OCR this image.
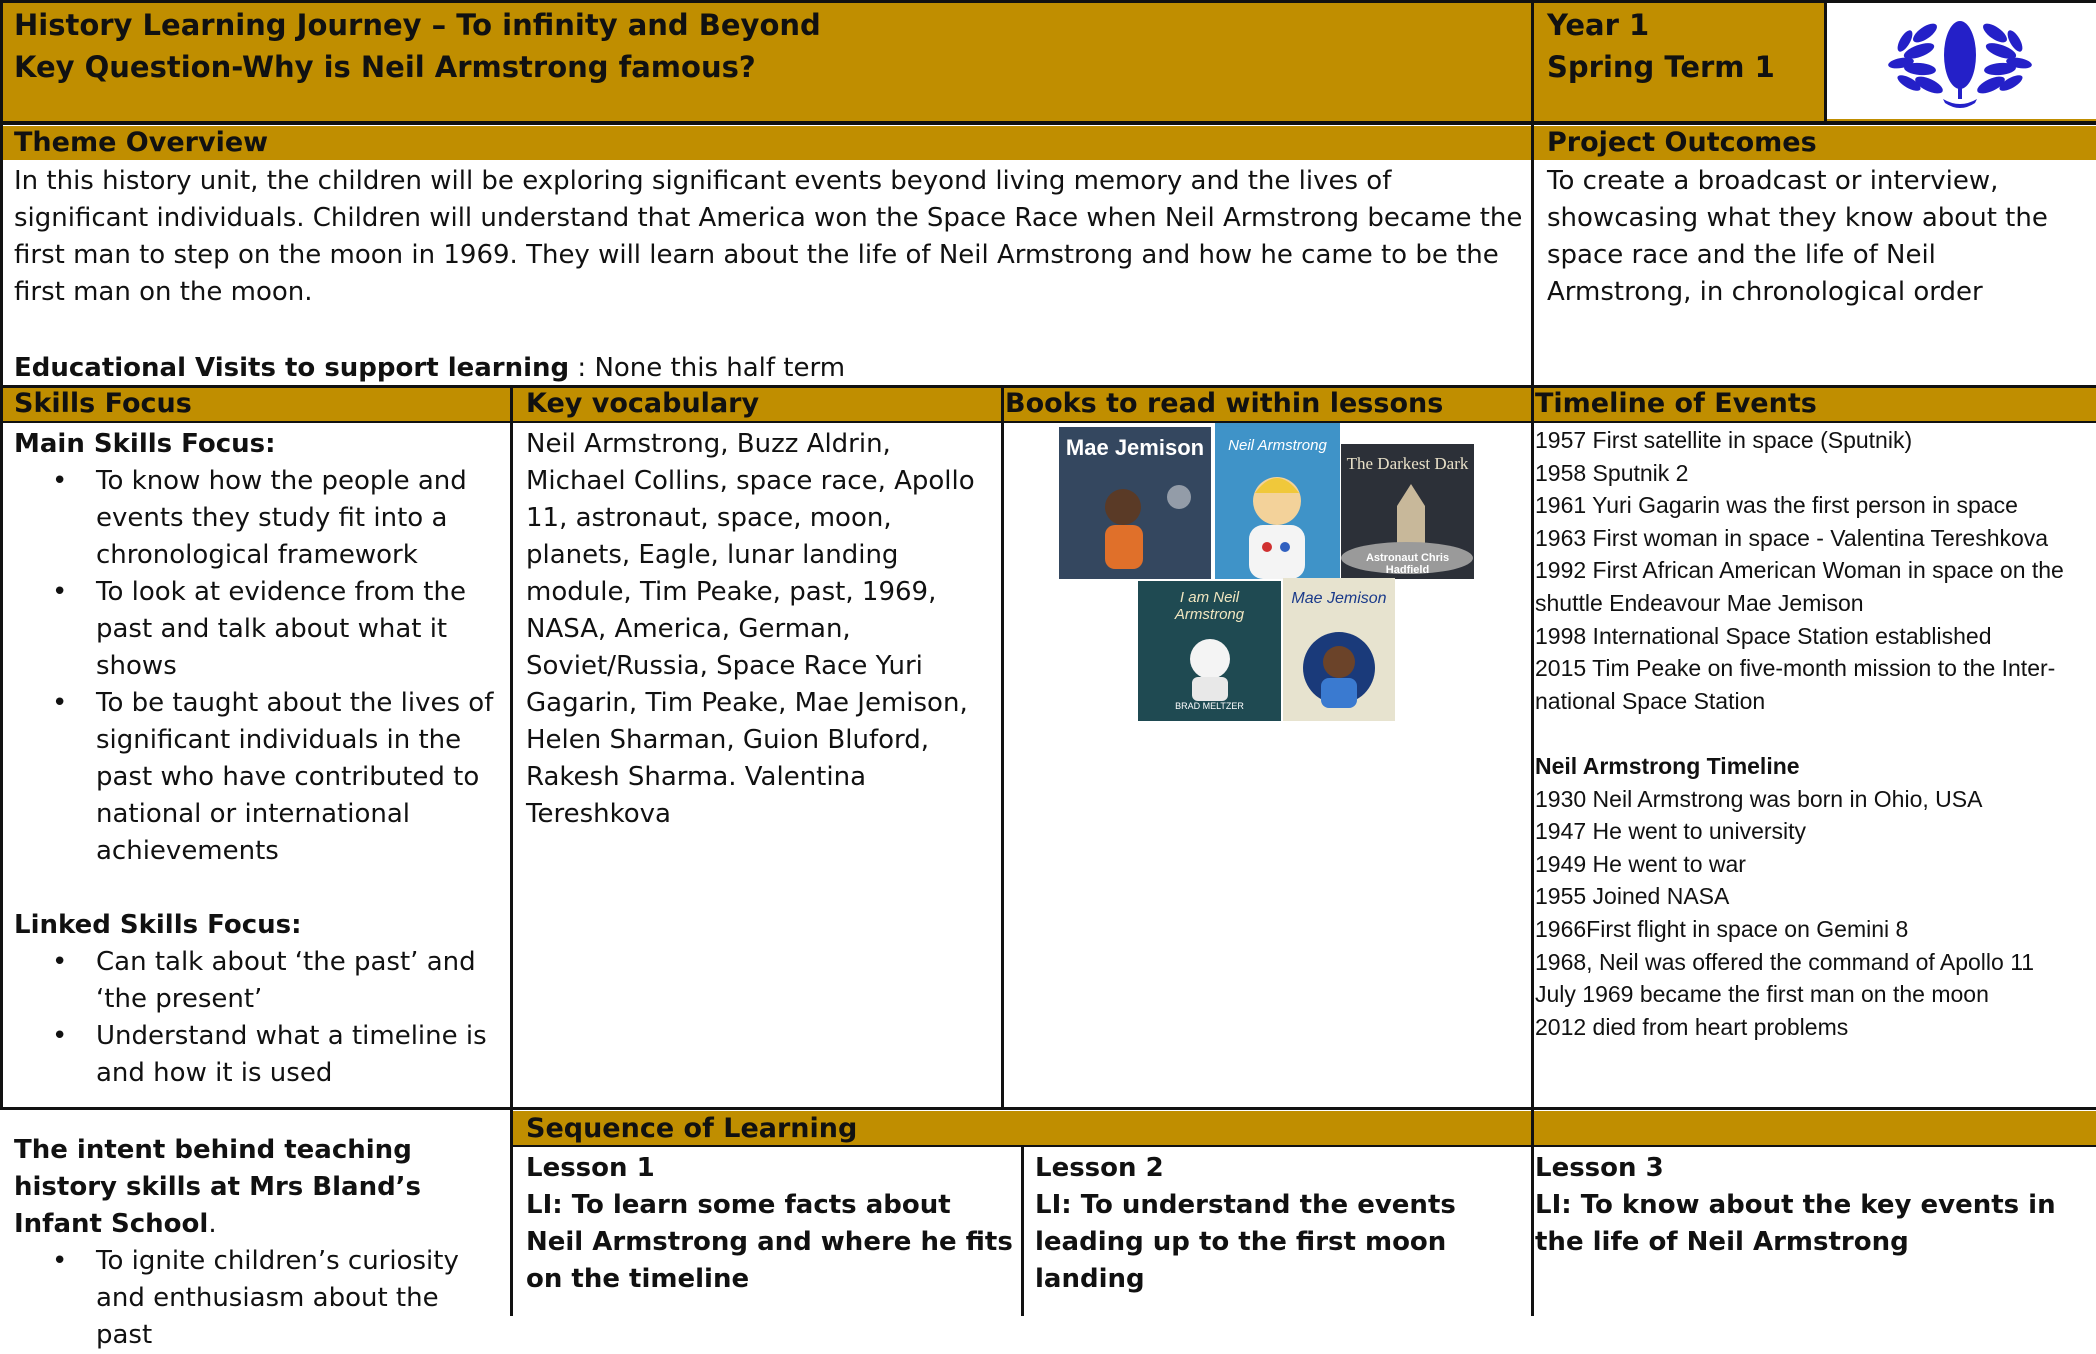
History Learning Journey – To infinity and Beyond
Key Question-Why is Neil Armstrong famous?
Year 1
Spring Term 1
Theme Overview	Project Outcomes
In this history unit, the children will be exploring significant events beyond living memory and the lives of significant individuals. Children will understand that America won the Space Race when Neil Armstrong became the first man to step on the moon in 1969. They will learn about the life of Neil Armstrong and how he came to be the first man on the moon.
Educational Visits to support learning : None this half term
To create a broadcast or interview, showcasing what they know about the space race and the life of Neil Armstrong, in chronological order
Skills Focus	Key vocabulary	Books to read within lessons	Timeline of Events
Main Skills Focus:
• To know how the people and events they study fit into a chronological framework
• To look at evidence from the past and talk about what it shows
• To be taught about the lives of significant individuals in the past who have contributed to national or international achievements
Linked Skills Focus:
• Can talk about ‘the past’ and ‘the present’
• Understand what a timeline is and how it is used
The intent behind teaching history skills at Mrs Bland’s Infant School.
• To ignite children’s curiosity and enthusiasm about the past
Neil Armstrong, Buzz Aldrin, Michael Collins, space race, Apollo 11, astronaut, space, moon, planets, Eagle, lunar landing module, Tim Peake, past, 1969, NASA, America, German, Soviet/Russia, Space Race Yuri Gagarin, Tim Peake, Mae Jemison, Helen Sharman, Guion Bluford, Rakesh Sharma. Valentina Tereshkova
Mae Jemison	Neil Armstrong
The Darkest Dark
Astronaut Chris Hadfield
I am Neil Armstrong
BRAD MELTZER
Mae Jemison
1957 First satellite in space (Sputnik)
1958 Sputnik 2
1961 Yuri Gagarin was the first person in space
1963 First woman in space - Valentina Tereshkova
1992 First African American Woman in space on the
shuttle Endeavour Mae Jemison
1998 International Space Station established
2015 Tim Peake on five-month mission to the Inter-
national Space Station
Neil Armstrong Timeline
1930 Neil Armstrong was born in Ohio, USA
1947 He went to university
1949 He went to war
1955 Joined NASA
1966First flight in space on Gemini 8
1968, Neil was offered the command of Apollo 11
July 1969 became the first man on the moon
2012 died from heart problems
Sequence of Learning
Lesson 1
LI: To learn some facts about Neil Armstrong and where he fits on the timeline
Lesson 2
LI: To understand the events leading up to the first moon landing
Lesson 3
LI: To know about the key events in the life of Neil Armstrong
